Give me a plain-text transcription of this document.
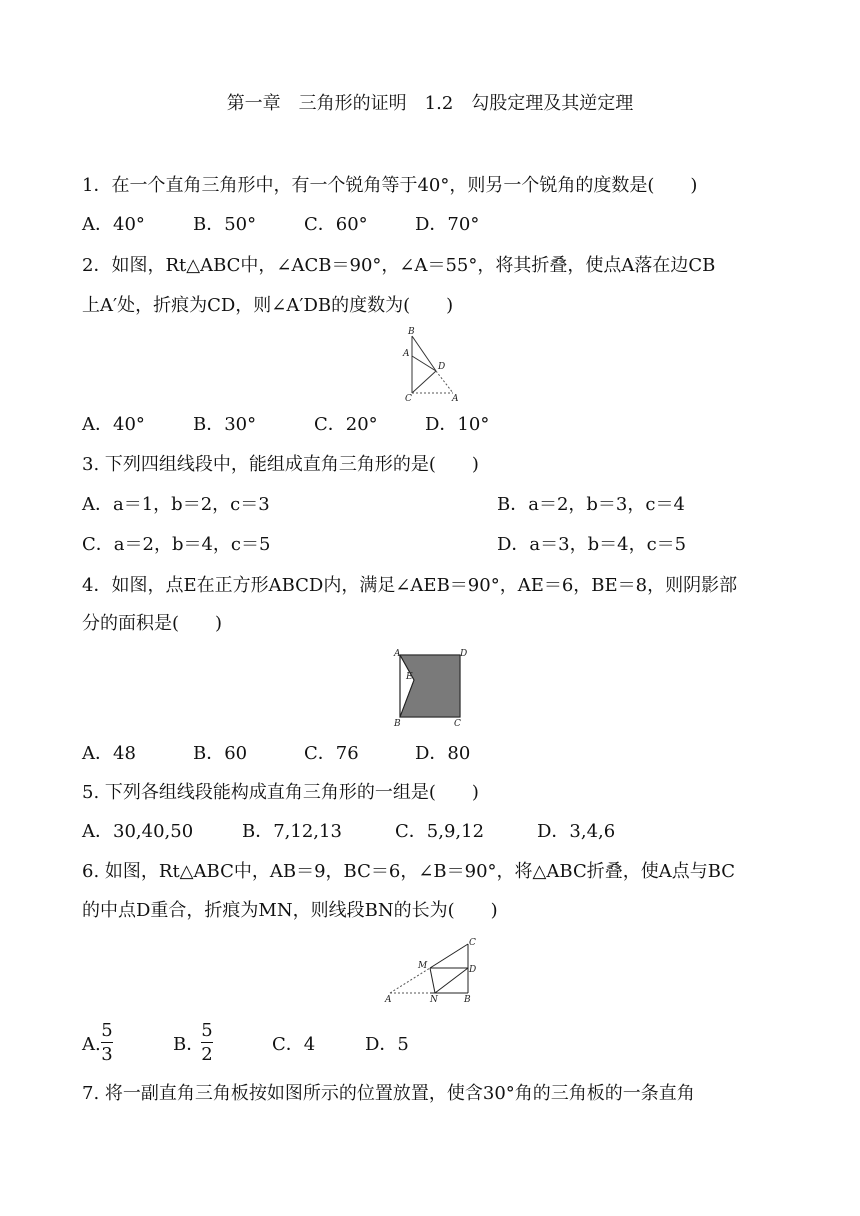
第一章　三角形的证明　1.2　勾股定理及其逆定理
1．在一个直角三角形中，有一个锐角等于40°，则另一个锐角的度数是(　　)
A．40°	B．50°	C．60°	D．70°
2．如图，Rt△ABC中，∠ACB＝90°，∠A＝55°，将其折叠，使点A落在边CB
上A′处，折痕为CD，则∠A′DB的度数为(　　)
B
A
D
C	A
A．40°	B．30°	C．20°	D．10°
3. 下列四组线段中，能组成直角三角形的是(　　)
A．a＝1，b＝2，c＝3	B．a＝2，b＝3，c＝4
C．a＝2，b＝4，c＝5	D．a＝3，b＝4，c＝5
4．如图，点E在正方形ABCD内，满足∠AEB＝90°，AE＝6，BE＝8，则阴影部
分的面积是(　　)
A	D
E
B	C
A．48	B．60	C．76	D．80
5. 下列各组线段能构成直角三角形的一组是(　　)
A．30,40,50	B．7,12,13	C．5,9,12	D．3,4,6
6. 如图，Rt△ABC中，AB＝9，BC＝6，∠B＝90°，将△ABC折叠，使A点与BC
的中点D重合，折痕为MN，则线段BN的长为(　　)
C
M	D
A	N	B
A.	B．	C．4	D．5
5
3
5
2
7. 将一副直角三角板按如图所示的位置放置，使含30°角的三角板的一条直角
